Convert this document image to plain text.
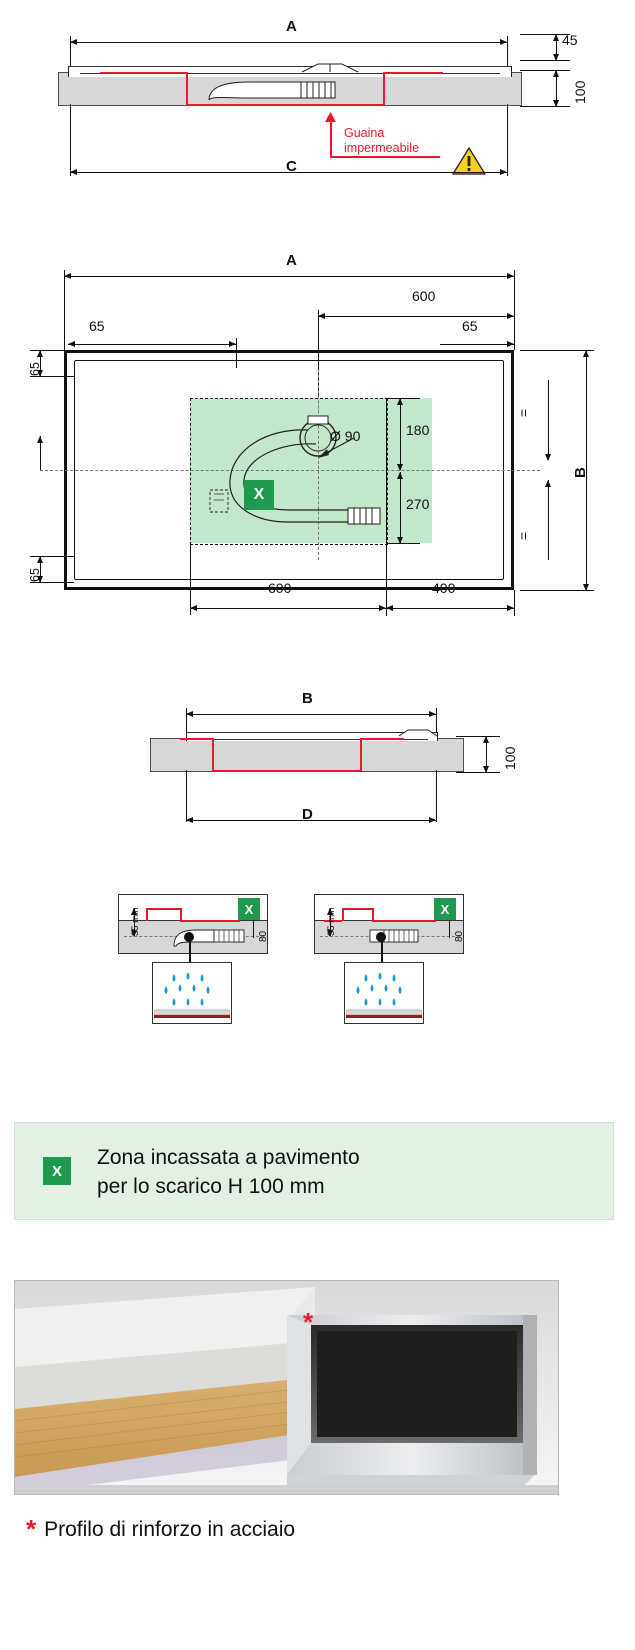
A
45
100
Guaina
impermeabile
C
A
600
65	65
X
Ø 90	180
270
65
65
B
=
=
600	400
B
100
D
X
35 min
80
X
35 min
80
X
Zona incassata a pavimento
per lo scarico H 100 mm
*
* Profilo di rinforzo in acciaio
